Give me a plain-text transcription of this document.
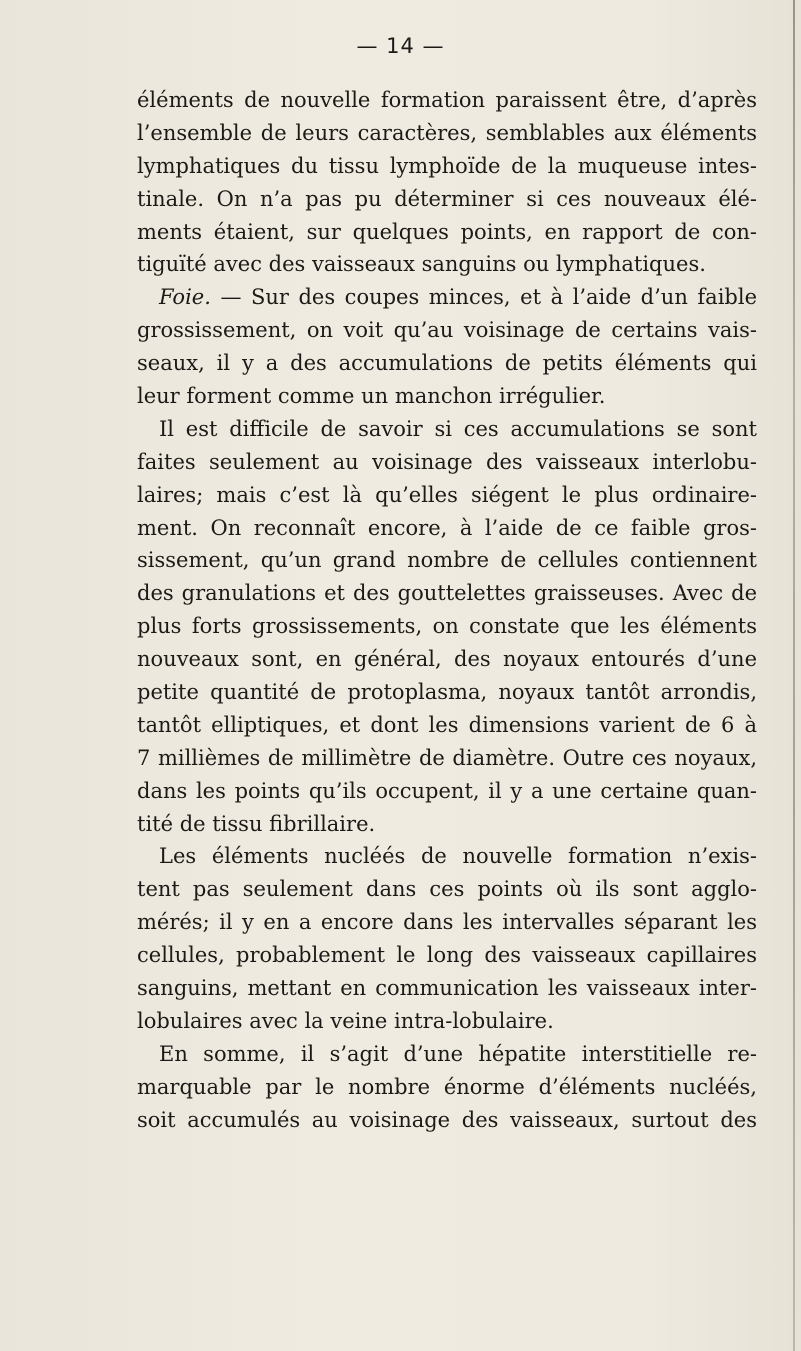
— 14 —
éléments de nouvelle formation paraissent être, d’après
l’ensemble de leurs caractères, semblables aux éléments
lymphatiques du tissu lymphoïde de la muqueuse intes-
tinale. On n’a pas pu déterminer si ces nouveaux élé-
ments étaient, sur quelques points, en rapport de con-
tiguïté avec des vaisseaux sanguins ou lymphatiques.
Foie. — Sur des coupes minces, et à l’aide d’un faible
grossissement, on voit qu’au voisinage de certains vais-
seaux, il y a des accumulations de petits éléments qui
leur forment comme un manchon irrégulier.
Il est difficile de savoir si ces accumulations se sont
faites seulement au voisinage des vaisseaux interlobu-
laires; mais c’est là qu’elles siégent le plus ordinaire-
ment. On reconnaît encore, à l’aide de ce faible gros-
sissement, qu’un grand nombre de cellules contiennent
des granulations et des gouttelettes graisseuses. Avec de
plus forts grossissements, on constate que les éléments
nouveaux sont, en général, des noyaux entourés d’une
petite quantité de protoplasma, noyaux tantôt arrondis,
tantôt elliptiques, et dont les dimensions varient de 6 à
7 millièmes de millimètre de diamètre. Outre ces noyaux,
dans les points qu’ils occupent, il y a une certaine quan-
tité de tissu fibrillaire.
Les éléments nucléés de nouvelle formation n’exis-
tent pas seulement dans ces points où ils sont agglo-
mérés; il y en a encore dans les intervalles séparant les
cellules, probablement le long des vaisseaux capillaires
sanguins, mettant en communication les vaisseaux inter-
lobulaires avec la veine intra-lobulaire.
En somme, il s’agit d’une hépatite interstitielle re-
marquable par le nombre énorme d’éléments nucléés,
soit accumulés au voisinage des vaisseaux, surtout des
